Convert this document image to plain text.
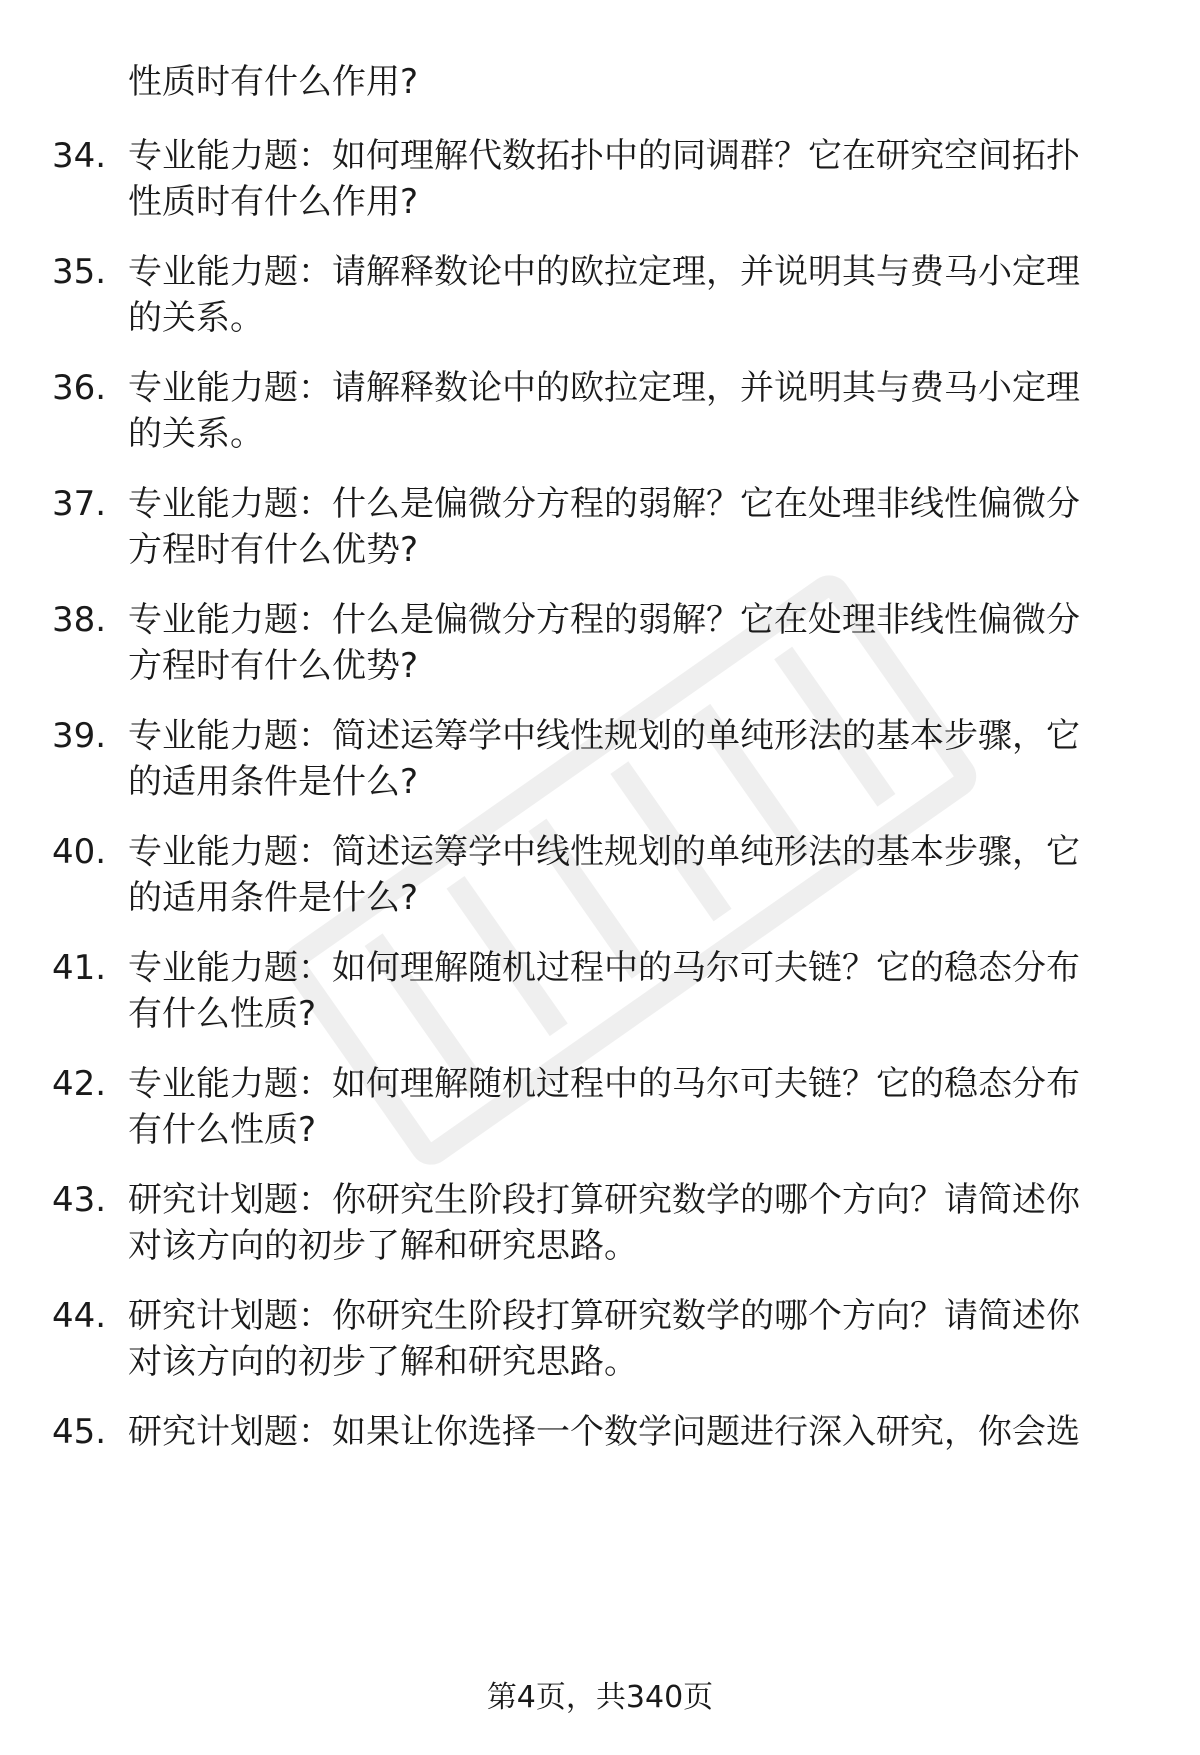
性质时有什么作用?
34. 专业能力题：如何理解代数拓扑中的同调群？它在研究空间拓扑
性质时有什么作用?
35. 专业能力题：请解释数论中的欧拉定理，并说明其与费马小定理
的关系。
36. 专业能力题：请解释数论中的欧拉定理，并说明其与费马小定理
的关系。
37. 专业能力题：什么是偏微分方程的弱解？它在处理非线性偏微分
方程时有什么优势?
38. 专业能力题：什么是偏微分方程的弱解？它在处理非线性偏微分
方程时有什么优势?
39. 专业能力题：简述运筹学中线性规划的单纯形法的基本步骤，它
的适用条件是什么?
40. 专业能力题：简述运筹学中线性规划的单纯形法的基本步骤，它
的适用条件是什么?
41. 专业能力题：如何理解随机过程中的马尔可夫链？它的稳态分布
有什么性质?
42. 专业能力题：如何理解随机过程中的马尔可夫链？它的稳态分布
有什么性质?
43. 研究计划题：你研究生阶段打算研究数学的哪个方向？请简述你
对该方向的初步了解和研究思路。
44. 研究计划题：你研究生阶段打算研究数学的哪个方向？请简述你
对该方向的初步了解和研究思路。
45. 研究计划题：如果让你选择一个数学问题进行深入研究，你会选
第4页，共340页
